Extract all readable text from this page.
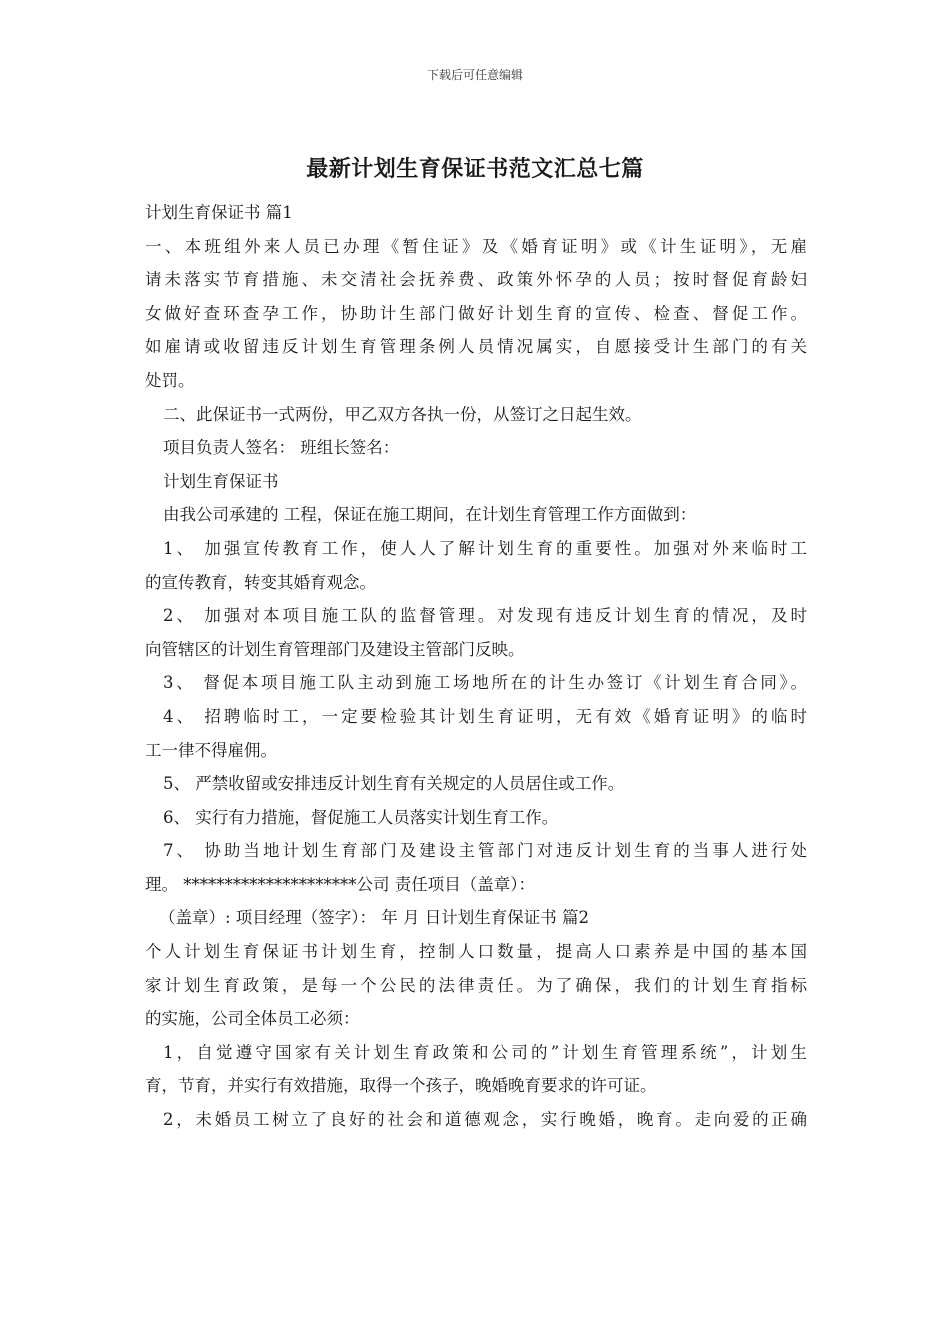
下载后可任意编辑
最新计划生育保证书范文汇总七篇
计划生育保证书 篇1
一、本班组外来人员已办理《暂住证》及《婚育证明》或《计生证明》，无雇
请未落实节育措施、未交清社会抚养费、政策外怀孕的人员；按时督促育龄妇
女做好查环查孕工作，协助计生部门做好计划生育的宣传、检查、督促工作。
如雇请或收留违反计划生育管理条例人员情况属实，自愿接受计生部门的有关
处罚。
二、此保证书一式两份，甲乙双方各执一份，从签订之日起生效。
项目负责人签名： 班组长签名：
计划生育保证书
由我公司承建的 工程，保证在施工期间，在计划生育管理工作方面做到：
1、 加强宣传教育工作，使人人了解计划生育的重要性。加强对外来临时工
的宣传教育，转变其婚育观念。
2、 加强对本项目施工队的监督管理。对发现有违反计划生育的情况，及时
向管辖区的计划生育管理部门及建设主管部门反映。
3、 督促本项目施工队主动到施工场地所在的计生办签订《计划生育合同》。
4、 招聘临时工，一定要检验其计划生育证明，无有效《婚育证明》的临时
工一律不得雇佣。
5、 严禁收留或安排违反计划生育有关规定的人员居住或工作。
6、 实行有力措施，督促施工人员落实计划生育工作。
7、 协助当地计划生育部门及建设主管部门对违反计划生育的当事人进行处
理。 *********************公司 责任项目（盖章）：
（盖章）: 项目经理（签字）： 年 月 日计划生育保证书 篇2
个人计划生育保证书计划生育，控制人口数量，提高人口素养是中国的基本国
家计划生育政策，是每一个公民的法律责任。为了确保，我们的计划生育指标
的实施，公司全体员工必须：
1，自觉遵守国家有关计划生育政策和公司的”计划生育管理系统”，计划生
育，节育，并实行有效措施，取得一个孩子，晚婚晚育要求的许可证。
2，未婚员工树立了良好的社会和道德观念，实行晚婚，晚育。走向爱的正确
